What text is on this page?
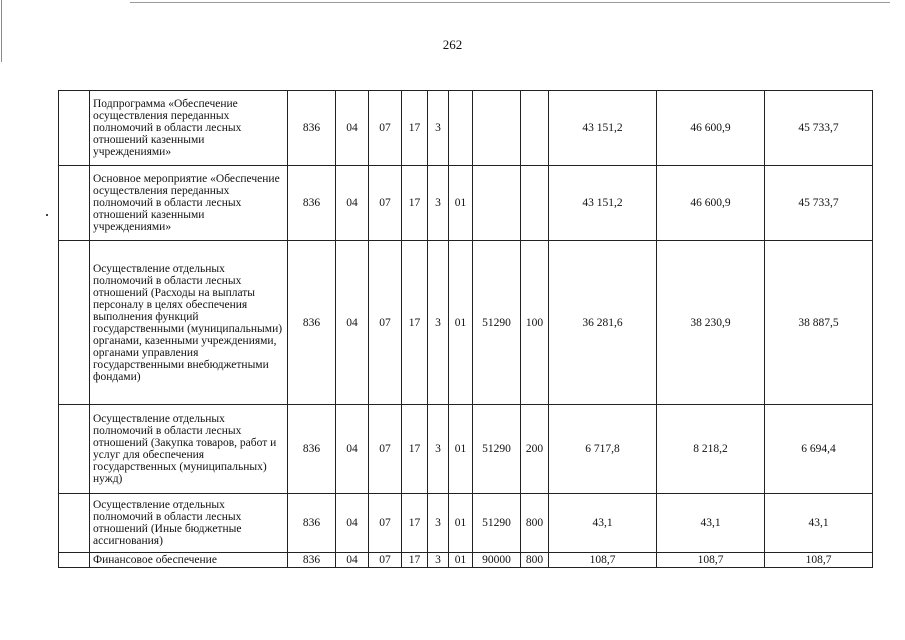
262
	Подпрограмма «Обеспечение осуществления переданных полномочий в области лесных отношений казенными учреждениями»	836	04	07	17	3				43 151,2	46 600,9	45 733,7
	Основное мероприятие «Обеспечение осуществления переданных полномочий в области лесных отношений казенными учреждениями»	836	04	07	17	3	01			43 151,2	46 600,9	45 733,7
	Осуществление отдельных полномочий в области лесных отношений (Расходы на выплаты персоналу в целях обеспечения выполнения функций государственными (муниципальными) органами, казенными учреждениями, органами управления государственными внебюджетными фондами)	836	04	07	17	3	01	51290	100	36 281,6	38 230,9	38 887,5
	Осуществление отдельных полномочий в области лесных отношений (Закупка товаров, работ и услуг для обеспечения государственных (муниципальных) нужд)	836	04	07	17	3	01	51290	200	6 717,8	8 218,2	6 694,4
	Осуществление отдельных полномочий в области лесных отношений (Иные бюджетные ассигнования)	836	04	07	17	3	01	51290	800	43,1	43,1	43,1
	Финансовое обеспечение	836	04	07	17	3	01	90000	800	108,7	108,7	108,7
